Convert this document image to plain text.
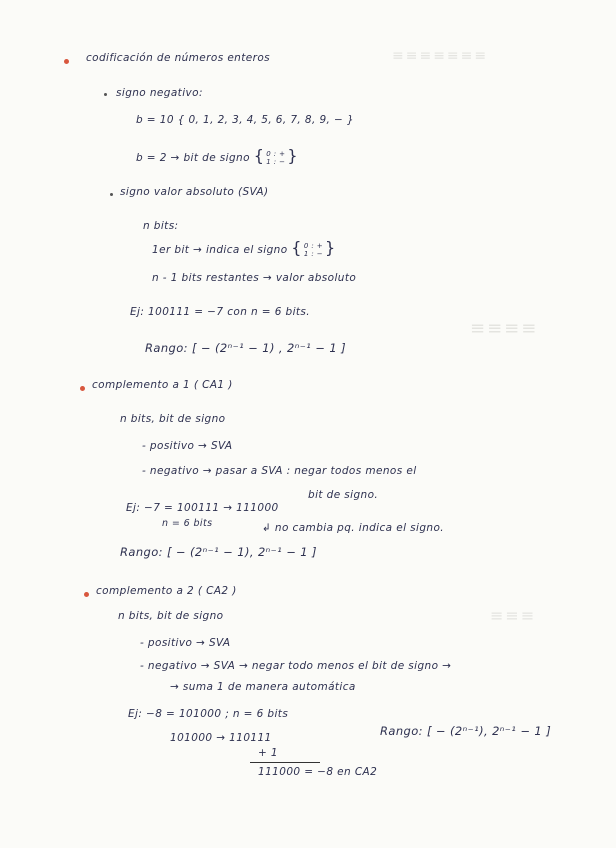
≡≡≡≡≡≡≡
≡≡≡≡
≡≡≡
codificación de números enteros
signo negativo:
b = 10 { 0, 1, 2, 3, 4, 5, 6, 7, 8, 9, − }
b = 2 → bit de signo { 0 : +
1 : − }
signo valor absoluto (SVA)
n bits:
1er bit → indica el signo { 0 : +
1 : − }
n - 1 bits restantes → valor absoluto
Ej: 100111 = −7 con n = 6 bits.
Rango: [ − (2ⁿ⁻¹ − 1) , 2ⁿ⁻¹ − 1 ]
complemento a 1 ( CA1 )
n bits, bit de signo
- positivo → SVA
- negativo → pasar a SVA : negar todos menos el
bit de signo.
Ej: −7 = 100111 → 111000
n = 6 bits	↲ no cambia pq. indica el signo.
Rango: [ − (2ⁿ⁻¹ − 1), 2ⁿ⁻¹ − 1 ]
complemento a 2 ( CA2 )
n bits, bit de signo
- positivo → SVA
- negativo → SVA → negar todo menos el bit de signo →
→ suma 1 de manera automática
Ej: −8 = 101000 ; n = 6 bits
Rango: [ − (2ⁿ⁻¹), 2ⁿ⁻¹ − 1 ]
101000 → 110111
+ 1
111000 = −8 en CA2
